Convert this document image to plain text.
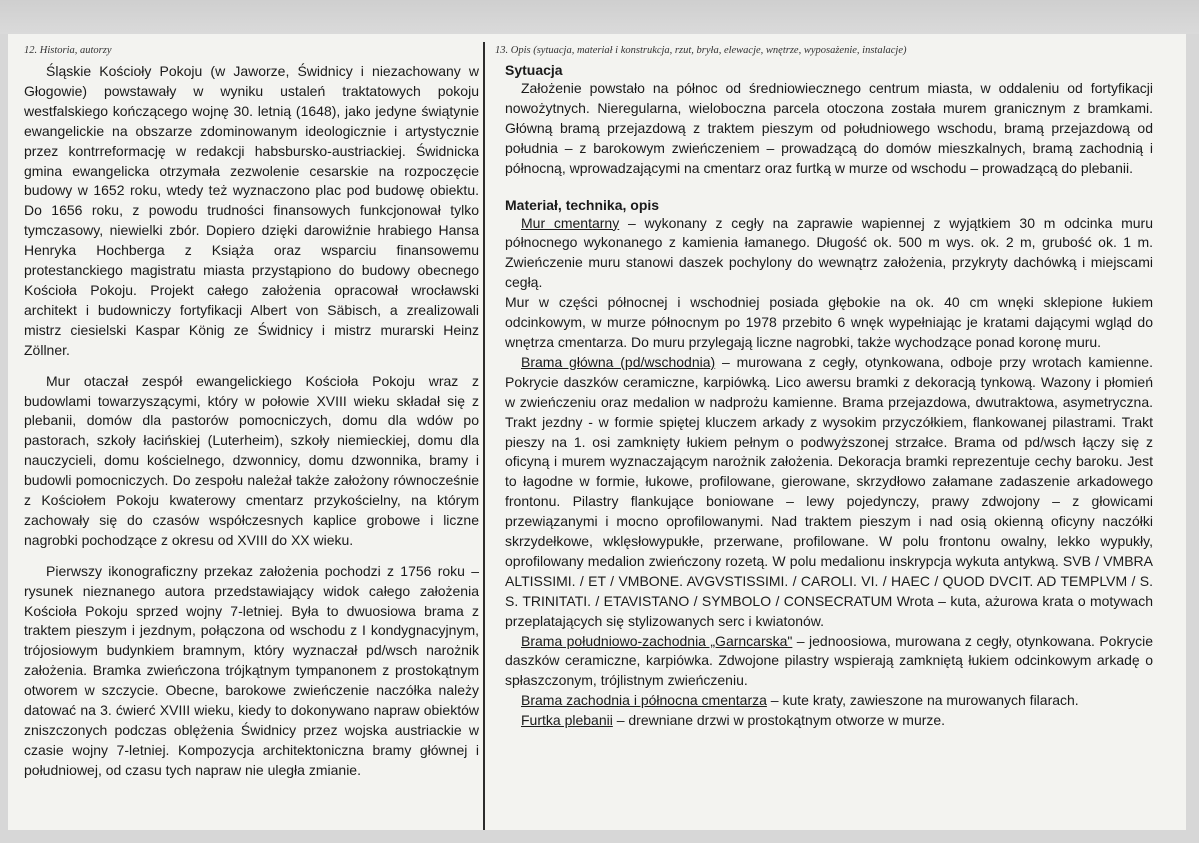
12. Historia, autorzy

Śląskie Kościoły Pokoju (w Jaworze, Świdnicy i niezachowany w Głogowie) powstawały w wyniku ustaleń traktatowych pokoju westfalskiego kończącego wojnę 30. letnią (1648), jako jedyne świątynie ewangelickie na obszarze zdominowanym ideologicznie i artystycznie przez kontrreformację w redakcji habsbursko-austriackiej. Świdnicka gmina ewangelicka otrzymała zezwolenie cesarskie na rozpoczęcie budowy w 1652 roku, wtedy też wyznaczono plac pod budowę obiektu. Do 1656 roku, z powodu trudności finansowych funkcjonował tylko tymczasowy, niewielki zbór. Dopiero dzięki darowiźnie hrabiego Hansa Henryka Hochberga z Książa oraz wsparciu finansowemu protestanckiego magistratu miasta przystąpiono do budowy obecnego Kościoła Pokoju. Projekt całego założenia opracował wrocławski architekt i budowniczy fortyfikacji Albert von Säbisch, a zrealizowali mistrz ciesielski Kaspar König ze Świdnicy i mistrz murarski Heinz Zöllner.

Mur otaczał zespół ewangelickiego Kościoła Pokoju wraz z budowlami towarzyszącymi, który w połowie XVIII wieku składał się z plebanii, domów dla pastorów pomocniczych, domu dla wdów po pastorach, szkoły łacińskiej (Luterheim), szkoły niemieckiej, domu dla nauczycieli, domu kościelnego, dzwonnicy, domu dzwonnika, bramy i budowli pomocniczych. Do zespołu należał także założony równocześnie z Kościołem Pokoju kwaterowy cmentarz przykościelny, na którym zachowały się do czasów współczesnych kaplice grobowe i liczne nagrobki pochodzące z okresu od XVIII do XX wieku.

Pierwszy ikonograficzny przekaz założenia pochodzi z 1756 roku – rysunek nieznanego autora przedstawiający widok całego założenia Kościoła Pokoju sprzed wojny 7-letniej. Była to dwuosiowa brama z traktem pieszym i jezdnym, połączona od wschodu z I kondygnacyjnym, trójosiowym budynkiem bramnym, który wyznaczał pd/wsch narożnik założenia. Bramka zwieńczona trójkątnym tympanonem z prostokątnym otworem w szczycie. Obecne, barokowe zwieńczenie naczółka należy datować na 3. ćwierć XVIII wieku, kiedy to dokonywano napraw obiektów zniszczonych podczas oblężenia Świdnicy przez wojska austriackie w czasie wojny 7-letniej. Kompozycja architektoniczna bramy głównej i południowej, od czasu tych napraw nie uległa zmianie.

13. Opis (sytuacja, materiał i konstrukcja, rzut, bryła, elewacje, wnętrze, wyposażenie, instalacje)
Sytuacja

Założenie powstało na północ od średniowiecznego centrum miasta, w oddaleniu od fortyfikacji nowożytnych. Nieregularna, wieloboczna parcela otoczona została murem granicznym z bramkami. Główną bramą przejazdową z traktem pieszym od południowego wschodu, bramą przejazdową od południa – z barokowym zwieńczeniem – prowadzącą do domów mieszkalnych, bramą zachodnią i północną, wprowadzającymi na cmentarz oraz furtką w murze od wschodu – prowadzącą do plebanii.

Materiał, technika, opis

Mur cmentarny – wykonany z cegły na zaprawie wapiennej z wyjątkiem 30 m odcinka muru północnego wykonanego z kamienia łamanego. Długość ok. 500 m wys. ok. 2 m, grubość ok. 1 m. Zwieńczenie muru stanowi daszek pochylony do wewnątrz założenia, przykryty dachówką i miejscami cegłą.

Mur w części północnej i wschodniej posiada głębokie na ok. 40 cm wnęki sklepione łukiem odcinkowym, w murze północnym po 1978 przebito 6 wnęk wypełniając je kratami dającymi wgląd do wnętrza cmentarza. Do muru przylegają liczne nagrobki, także wychodzące ponad koronę muru.

Brama główna (pd/wschodnia) – murowana z cegły, otynkowana, odboje przy wrotach kamienne. Pokrycie daszków ceramiczne, karpiówką. Lico awersu bramki z dekoracją tynkową. Wazony i płomień w zwieńczeniu oraz medalion w nadprożu kamienne. Brama przejazdowa, dwutraktowa, asymetryczna. Trakt jezdny - w formie spiętej kluczem arkady z wysokim przyczółkiem, flankowanej pilastrami. Trakt pieszy na 1. osi zamknięty łukiem pełnym o podwyższonej strzałce. Brama od pd/wsch łączy się z oficyną i murem wyznaczającym narożnik założenia. Dekoracja bramki reprezentuje cechy baroku. Jest to łagodne w formie, łukowe, profilowane, gierowane, skrzydłowo załamane zadaszenie arkadowego frontonu. Pilastry flankujące boniowane – lewy pojedynczy, prawy zdwojony – z głowicami przewiązanymi i mocno oprofilowanymi. Nad traktem pieszym i nad osią okienną oficyny naczółki skrzydełkowe, wklęsłowypukłe, przerwane, profilowane. W polu frontonu owalny, lekko wypukły, oprofilowany medalion zwieńczony rozetą. W polu medalionu inskrypcja wykuta antykwą. SVB / VMBRA ALTISSIMI. / ET / VMBONE. AVGVSTISSIMI. / CAROLI. VI. / HAEC / QUOD DVCIT. AD TEMPLVM / S. S. TRINITATI. / ETAVISTANO / SYMBOLO / CONSECRATUM Wrota – kuta, ażurowa krata o motywach przeplatających się stylizowanych serc i kwiatonów.

Brama południowo-zachodnia „Garncarska" – jednoosiowa, murowana z cegły, otynkowana. Pokrycie daszków ceramiczne, karpiówka. Zdwojone pilastry wspierają zamkniętą łukiem odcinkowym arkadę o spłaszczonym, trójlistnym zwieńczeniu.

Brama zachodnia i północna cmentarza – kute kraty, zawieszone na murowanych filarach.

Furtka plebanii – drewniane drzwi w prostokątnym otworze w murze.
